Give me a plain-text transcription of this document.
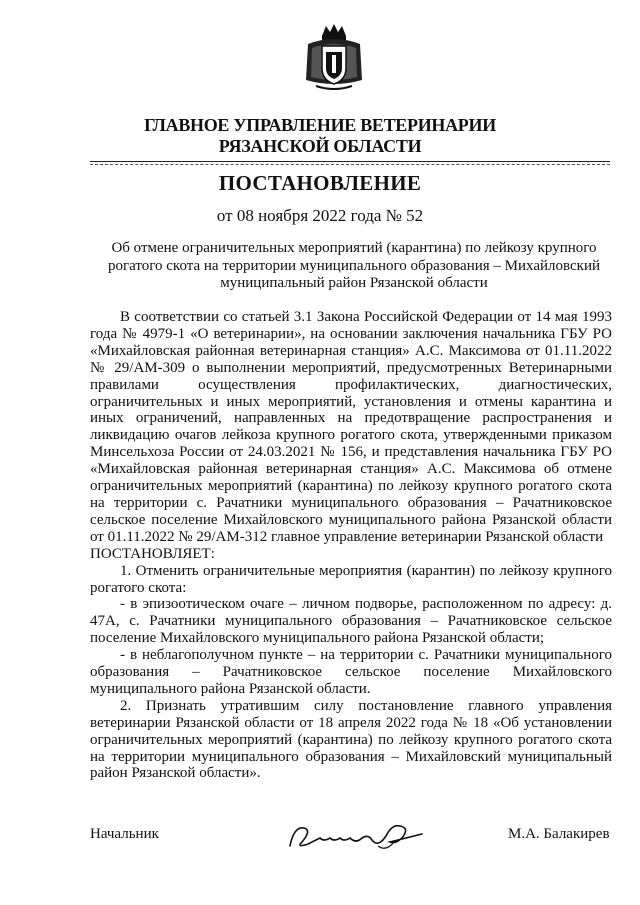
ГЛАВНОЕ УПРАВЛЕНИЕ ВЕТЕРИНАРИИ
РЯЗАНСКОЙ ОБЛАСТИ
ПОСТАНОВЛЕНИЕ
от 08 ноября 2022 года № 52
Об отмене ограничительных мероприятий (карантина) по лейкозу крупного рогатого скота на территории муниципального образования – Михайловский муниципальный район Рязанской области

В соответствии со статьей 3.1 Закона Российской Федерации от 14 мая 1993 года № 4979-1 «О ветеринарии», на основании заключения начальника ГБУ РО «Михайловская районная ветеринарная станция» А.С. Максимова от 01.11.2022 № 29/АМ-309 о выполнении мероприятий, предусмотренных Ветеринарными правилами осуществления профилактических, диагностических, ограничительных и иных мероприятий, установления и отмены карантина и иных ограничений, направленных на предотвращение распространения и ликвидацию очагов лейкоза крупного рогатого скота, утвержденными приказом Минсельхоза России от 24.03.2021 № 156, и представления начальника ГБУ РО «Михайловская районная ветеринарная станция» А.С. Максимова об отмене ограничительных мероприятий (карантина) по лейкозу крупного рогатого скота на территории с. Рачатники муниципального образования – Рачатниковское сельское поселение Михайловского муниципального района Рязанской области от 01.11.2022 № 29/АМ-312 главное управление ветеринарии Рязанской области

ПОСТАНОВЛЯЕТ:

1. Отменить ограничительные мероприятия (карантин) по лейкозу крупного рогатого скота:

- в эпизоотическом очаге – личном подворье, расположенном по адресу: д. 47А, с. Рачатники муниципального образования – Рачатниковское сельское поселение Михайловского муниципального района Рязанской области;

- в неблагополучном пункте – на территории с. Рачатники муниципального образования – Рачатниковское сельское поселение Михайловского муниципального района Рязанской области.

2. Признать утратившим силу постановление главного управления ветеринарии Рязанской области от 18 апреля 2022 года № 18 «Об установлении ограничительных мероприятий (карантина) по лейкозу крупного рогатого скота на территории муниципального образования – Михайловский муниципальный район Рязанской области».

Начальник	М.А. Балакирев
